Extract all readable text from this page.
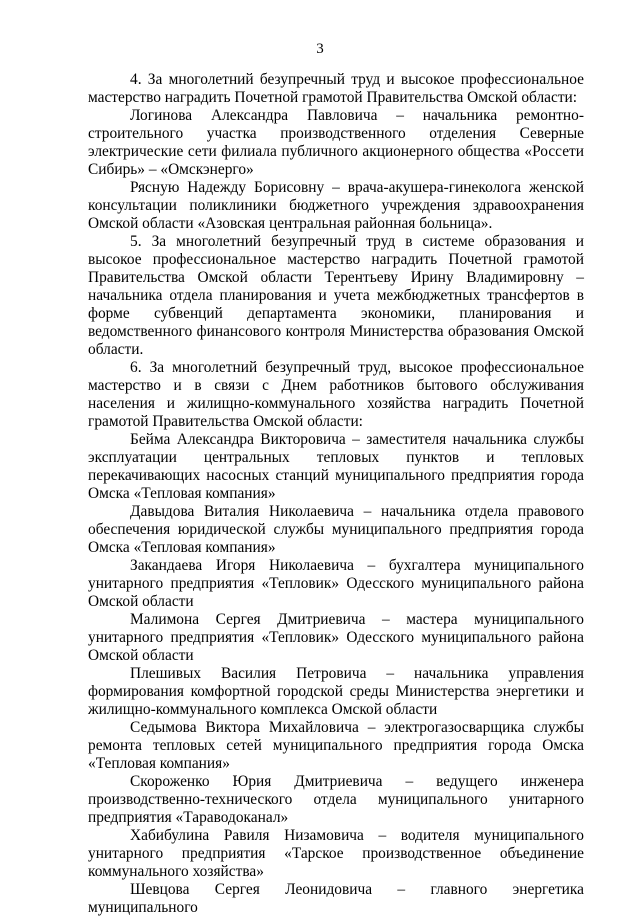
3

4. За многолетний безупречный труд и высокое профессиональное мастерство наградить Почетной грамотой Правительства Омской области:

Логинова Александра Павловича – начальника ремонтно-строительного участка производственного отделения Северные электрические сети филиала публичного акционерного общества «Россети Сибирь» – «Омскэнерго»

Рясную Надежду Борисовну – врача-акушера-гинеколога женской консультации поликлиники бюджетного учреждения здравоохранения Омской области «Азовская центральная районная больница».

5. За многолетний безупречный труд в системе образования и высокое профессиональное мастерство наградить Почетной грамотой Правительства Омской области Терентьеву Ирину Владимировну – начальника отдела планирования и учета межбюджетных трансфертов в форме субвенций департамента экономики, планирования и ведомственного финансового контроля Министерства образования Омской области.

6. За многолетний безупречный труд, высокое профессиональное мастерство и в связи с Днем работников бытового обслуживания населения и жилищно-коммунального хозяйства наградить Почетной грамотой Правительства Омской области:

Бейма Александра Викторовича – заместителя начальника службы эксплуатации центральных тепловых пунктов и тепловых перекачивающих насосных станций муниципального предприятия города Омска «Тепловая компания»

Давыдова Виталия Николаевича – начальника отдела правового обеспечения юридической службы муниципального предприятия города Омска «Тепловая компания»

Закандаева Игоря Николаевича – бухгалтера муниципального унитарного предприятия «Тепловик» Одесского муниципального района Омской области

Малимона Сергея Дмитриевича – мастера муниципального унитарного предприятия «Тепловик» Одесского муниципального района Омской области

Плешивых Василия Петровича – начальника управления формирования комфортной городской среды Министерства энергетики и жилищно-коммунального комплекса Омской области

Седымова Виктора Михайловича – электрогазосварщика службы ремонта тепловых сетей муниципального предприятия города Омска «Тепловая компания»

Скороженко Юрия Дмитриевича – ведущего инженера производственно-технического отдела муниципального унитарного предприятия «Тараводоканал»

Хабибулина Равиля Низамовича – водителя муниципального унитарного предприятия «Тарское производственное объединение коммунального хозяйства»

Шевцова Сергея Леонидовича – главного энергетика муниципального
